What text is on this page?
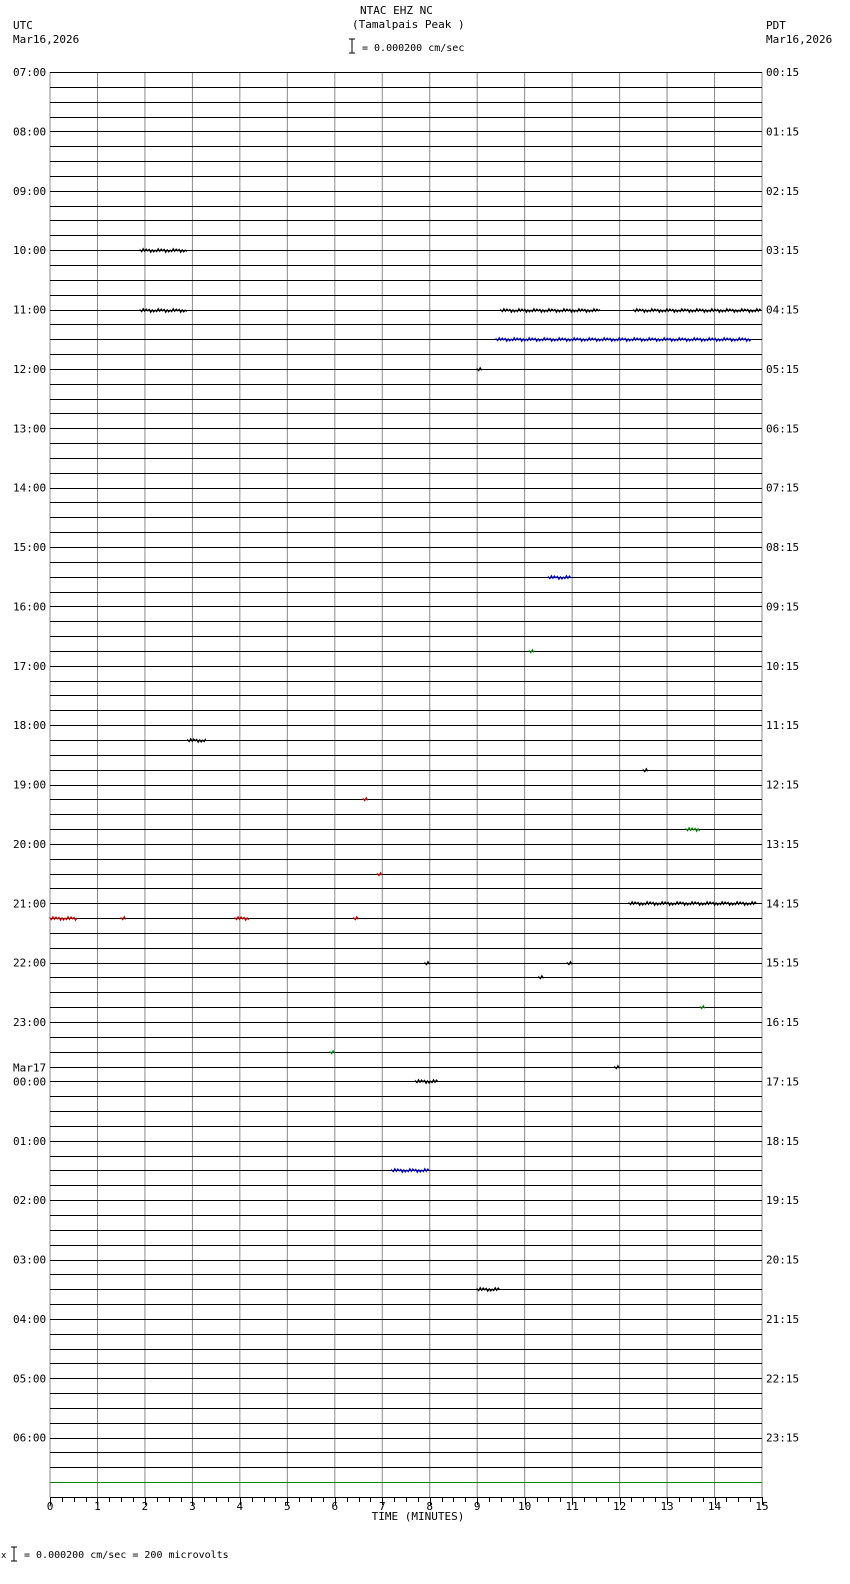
NTAC EHZ NC
(Tamalpais Peak )
UTC
Mar16,2026
PDT
Mar16,2026
= 0.000200 cm/sec
07:00
08:00
09:00
10:00
11:00
12:00
13:00
14:00
15:00
16:00
17:00
18:00
19:00
20:00
21:00
22:00
23:00
00:00
Mar17
01:00
02:00
03:00
04:00
05:00
06:00
00:15
01:15
02:15
03:15
04:15
05:15
06:15
07:15
08:15
09:15
10:15
11:15
12:15
13:15
14:15
15:15
16:15
17:15
18:15
19:15
20:15
21:15
22:15
23:15
0	1	2	3	4	5	6	7	8	9	10	11	12	13	14	15
TIME (MINUTES)
x = 0.000200 cm/sec = 200 microvolts
